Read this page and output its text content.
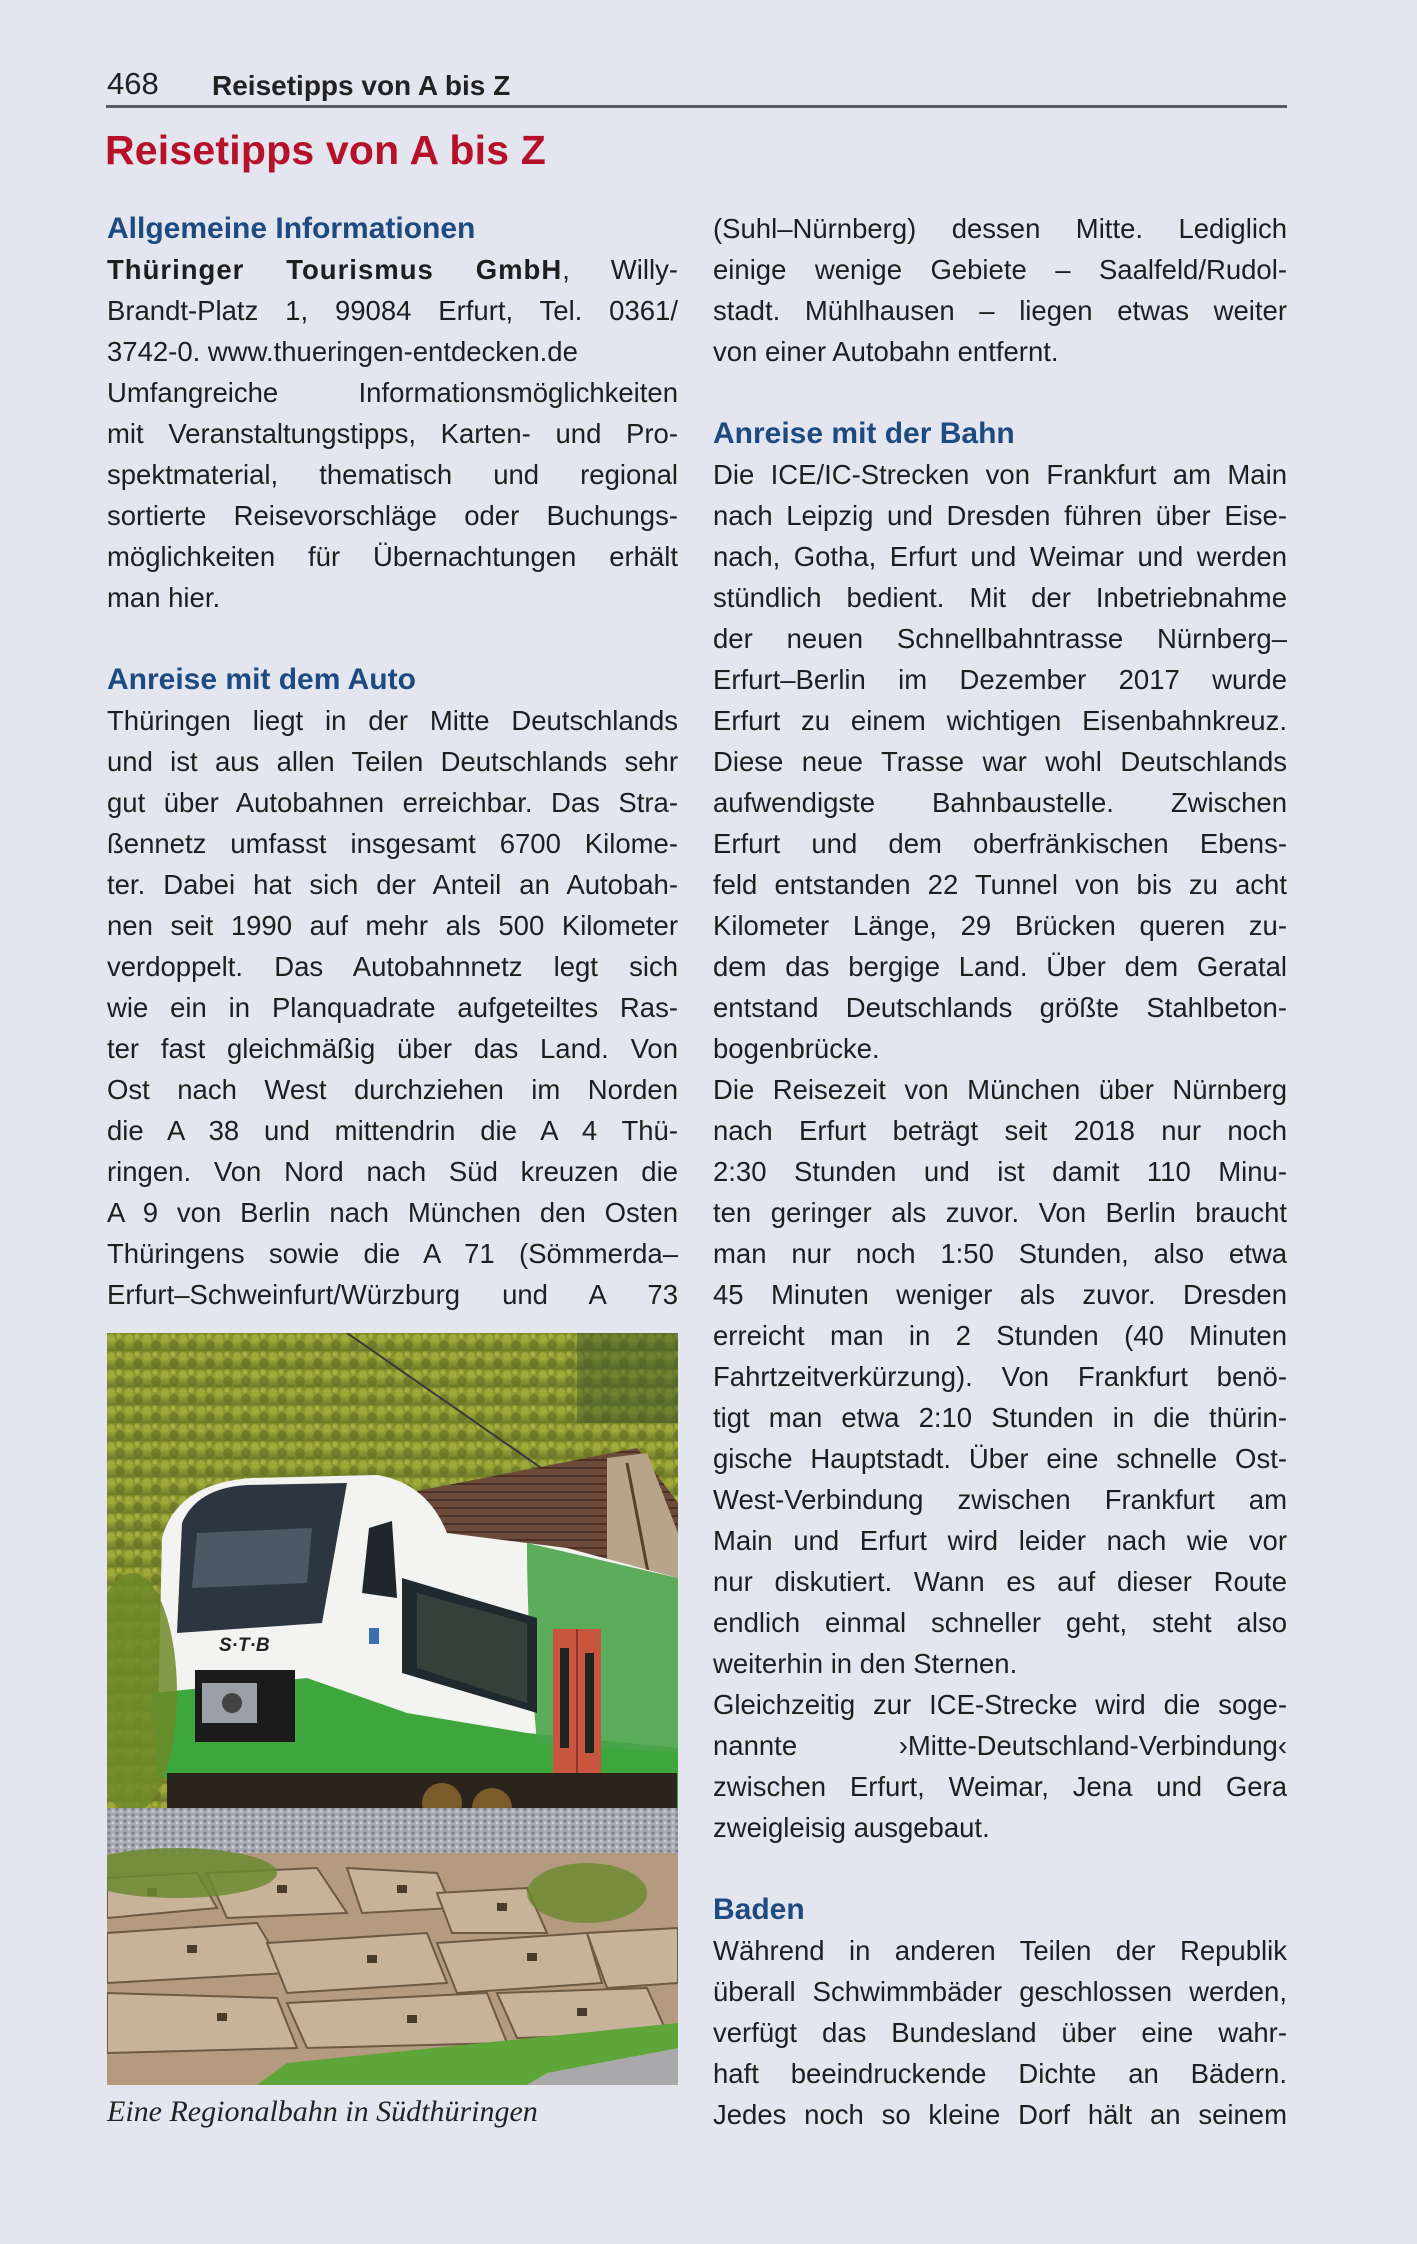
468 Reisetipps von A bis Z
Reisetipps von A bis Z
Allgemeine Informationen
Thüringer Tourismus GmbH, Willy-
Brandt-Platz 1, 99084 Erfurt, Tel. 0361/
3742-0. www.thueringen-entdecken.de
Umfangreiche Informationsmöglichkeiten
mit Veranstaltungstipps, Karten- und Pro-
spektmaterial, thematisch und regional
sortierte Reisevorschläge oder Buchungs-
möglichkeiten für Übernachtungen erhält
man hier.
Anreise mit dem Auto
Thüringen liegt in der Mitte Deutschlands
und ist aus allen Teilen Deutschlands sehr
gut über Autobahnen erreichbar. Das Stra-
ßennetz umfasst insgesamt 6700 Kilome-
ter. Dabei hat sich der Anteil an Autobah-
nen seit 1990 auf mehr als 500 Kilometer
verdoppelt. Das Autobahnnetz legt sich
wie ein in Planquadrate aufgeteiltes Ras-
ter fast gleichmäßig über das Land. Von
Ost nach West durchziehen im Norden
die A 38 und mittendrin die A 4 Thü-
ringen. Von Nord nach Süd kreuzen die
A 9 von Berlin nach München den Osten
Thüringens sowie die A 71 (Sömmerda–
Erfurt–Schweinfurt/Würzburg und A 73
S·T·B
Eine Regionalbahn in Südthüringen
(Suhl–Nürnberg) dessen Mitte. Lediglich
einige wenige Gebiete – Saalfeld/Rudol-
stadt. Mühlhausen – liegen etwas weiter
von einer Autobahn entfernt.
Anreise mit der Bahn
Die ICE/IC-Strecken von Frankfurt am Main
nach Leipzig und Dresden führen über Eise-
nach, Gotha, Erfurt und Weimar und werden
stündlich bedient. Mit der Inbetriebnahme
der neuen Schnellbahntrasse Nürnberg–
Erfurt–Berlin im Dezember 2017 wurde
Erfurt zu einem wichtigen Eisenbahnkreuz.
Diese neue Trasse war wohl Deutschlands
aufwendigste Bahnbaustelle. Zwischen
Erfurt und dem oberfränkischen Ebens-
feld entstanden 22 Tunnel von bis zu acht
Kilometer Länge, 29 Brücken queren zu-
dem das bergige Land. Über dem Geratal
entstand Deutschlands größte Stahlbeton-
bogenbrücke.
Die Reisezeit von München über Nürnberg
nach Erfurt beträgt seit 2018 nur noch
2:30 Stunden und ist damit 110 Minu-
ten geringer als zuvor. Von Berlin braucht
man nur noch 1:50 Stunden, also etwa
45 Minuten weniger als zuvor. Dresden
erreicht man in 2 Stunden (40 Minuten
Fahrtzeitverkürzung). Von Frankfurt benö-
tigt man etwa 2:10 Stunden in die thürin-
gische Hauptstadt. Über eine schnelle Ost-
West-Verbindung zwischen Frankfurt am
Main und Erfurt wird leider nach wie vor
nur diskutiert. Wann es auf dieser Route
endlich einmal schneller geht, steht also
weiterhin in den Sternen.
Gleichzeitig zur ICE-Strecke wird die soge-
nannte ›Mitte-Deutschland-Verbindung‹
zwischen Erfurt, Weimar, Jena und Gera
zweigleisig ausgebaut.
Baden
Während in anderen Teilen der Republik
überall Schwimmbäder geschlossen werden,
verfügt das Bundesland über eine wahr-
haft beeindruckende Dichte an Bädern.
Jedes noch so kleine Dorf hält an seinem
